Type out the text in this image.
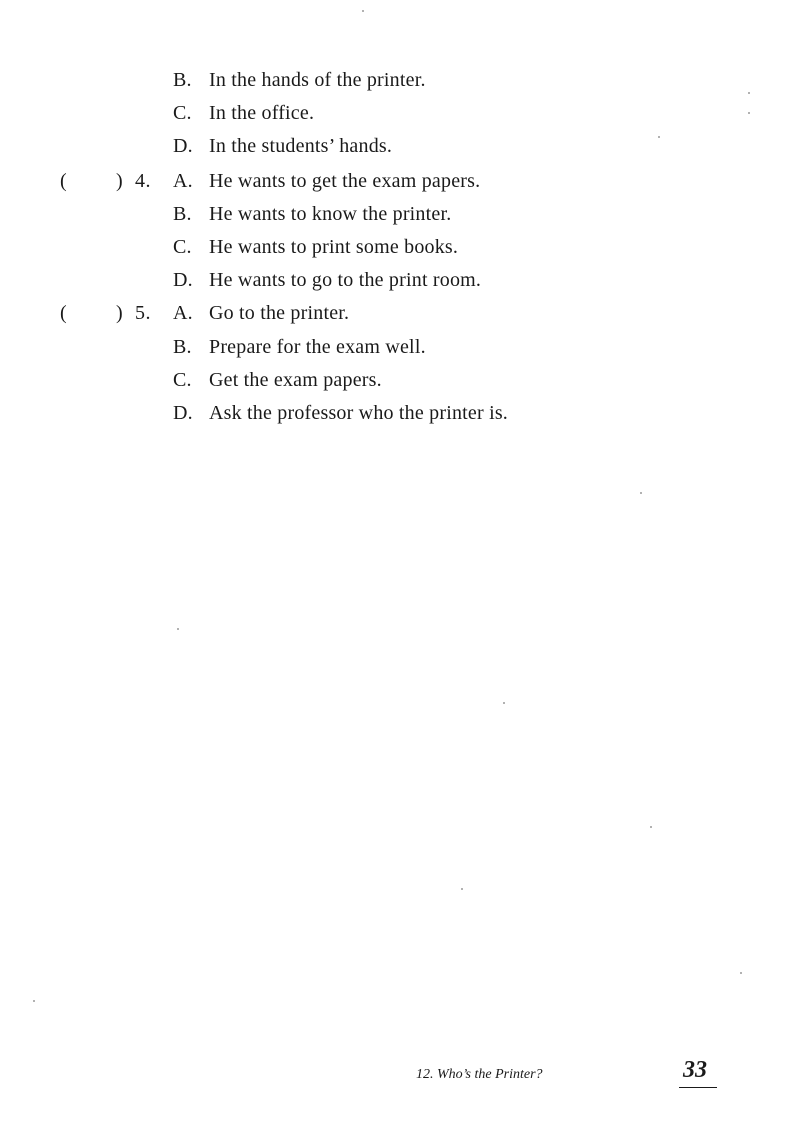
B. In the hands of the printer.
C. In the office.
D. In the students’ hands.
( ) 4. A. He wants to get the exam papers.
B. He wants to know the printer.
C. He wants to print some books.
D. He wants to go to the print room.
( ) 5. A. Go to the printer.
B. Prepare for the exam well.
C. Get the exam papers.
D. Ask the professor who the printer is.
12. Who’s the Printer?	33
